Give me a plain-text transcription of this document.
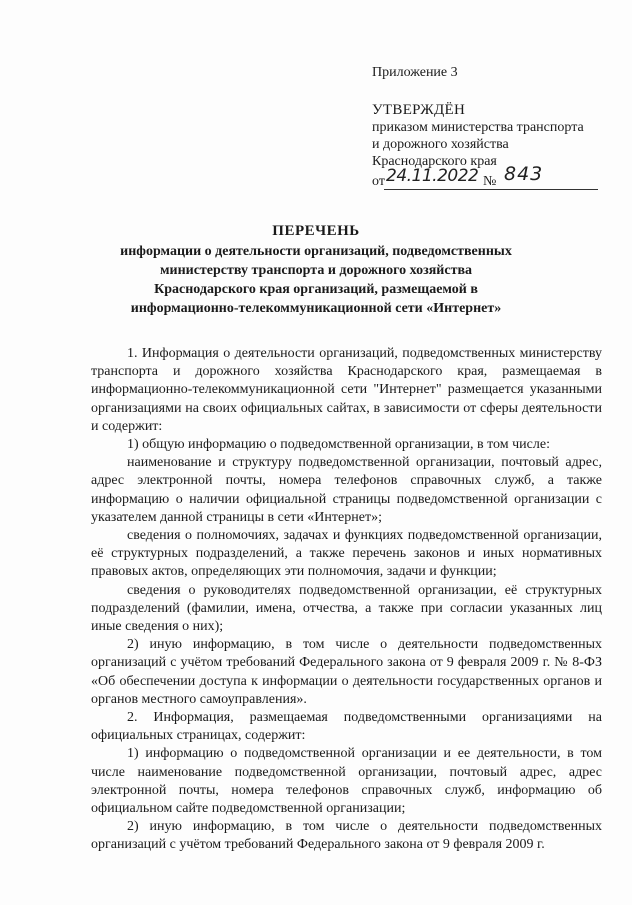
Приложение 3

УТВЕРЖДЁН

приказом министерства транспорта

и дорожного хозяйства

Краснодарского края

от 24.11.2022 № 843

ПЕРЕЧЕНЬ

информации о деятельности организаций, подведомственных
министерству транспорта и дорожного хозяйства
Краснодарского края организаций, размещаемой в
информационно-телекоммуникационной сети «Интернет»

1. Информация о деятельности организаций, подведомственных министерству транспорта и дорожного хозяйства Краснодарского края, размещаемая в информационно-телекоммуникационной сети "Интернет" размещается указанными организациями на своих официальных сайтах, в зависимости от сферы деятельности и содержит:

1) общую информацию о подведомственной организации, в том числе:

наименование и структуру подведомственной организации, почтовый адрес, адрес электронной почты, номера телефонов справочных служб, а также информацию о наличии официальной страницы подведомственной организации с указателем данной страницы в сети «Интернет»;

сведения о полномочиях, задачах и функциях подведомственной организации, её структурных подразделений, а также перечень законов и иных нормативных правовых актов, определяющих эти полномочия, задачи и функции;

сведения о руководителях подведомственной организации, её структурных подразделений (фамилии, имена, отчества, а также при согласии указанных лиц иные сведения о них);

2) иную информацию, в том числе о деятельности подведомственных организаций с учётом требований Федерального закона от 9 февраля 2009 г. № 8-ФЗ «Об обеспечении доступа к информации о деятельности государственных органов и органов местного самоуправления».

2. Информация, размещаемая подведомственными организациями на официальных страницах, содержит:

1) информацию о подведомственной организации и ее деятельности, в том числе наименование подведомственной организации, почтовый адрес, адрес электронной почты, номера телефонов справочных служб, информацию об официальном сайте подведомственной организации;

2) иную информацию, в том числе о деятельности подведомственных организаций с учётом требований Федерального закона от 9 февраля 2009 г.
